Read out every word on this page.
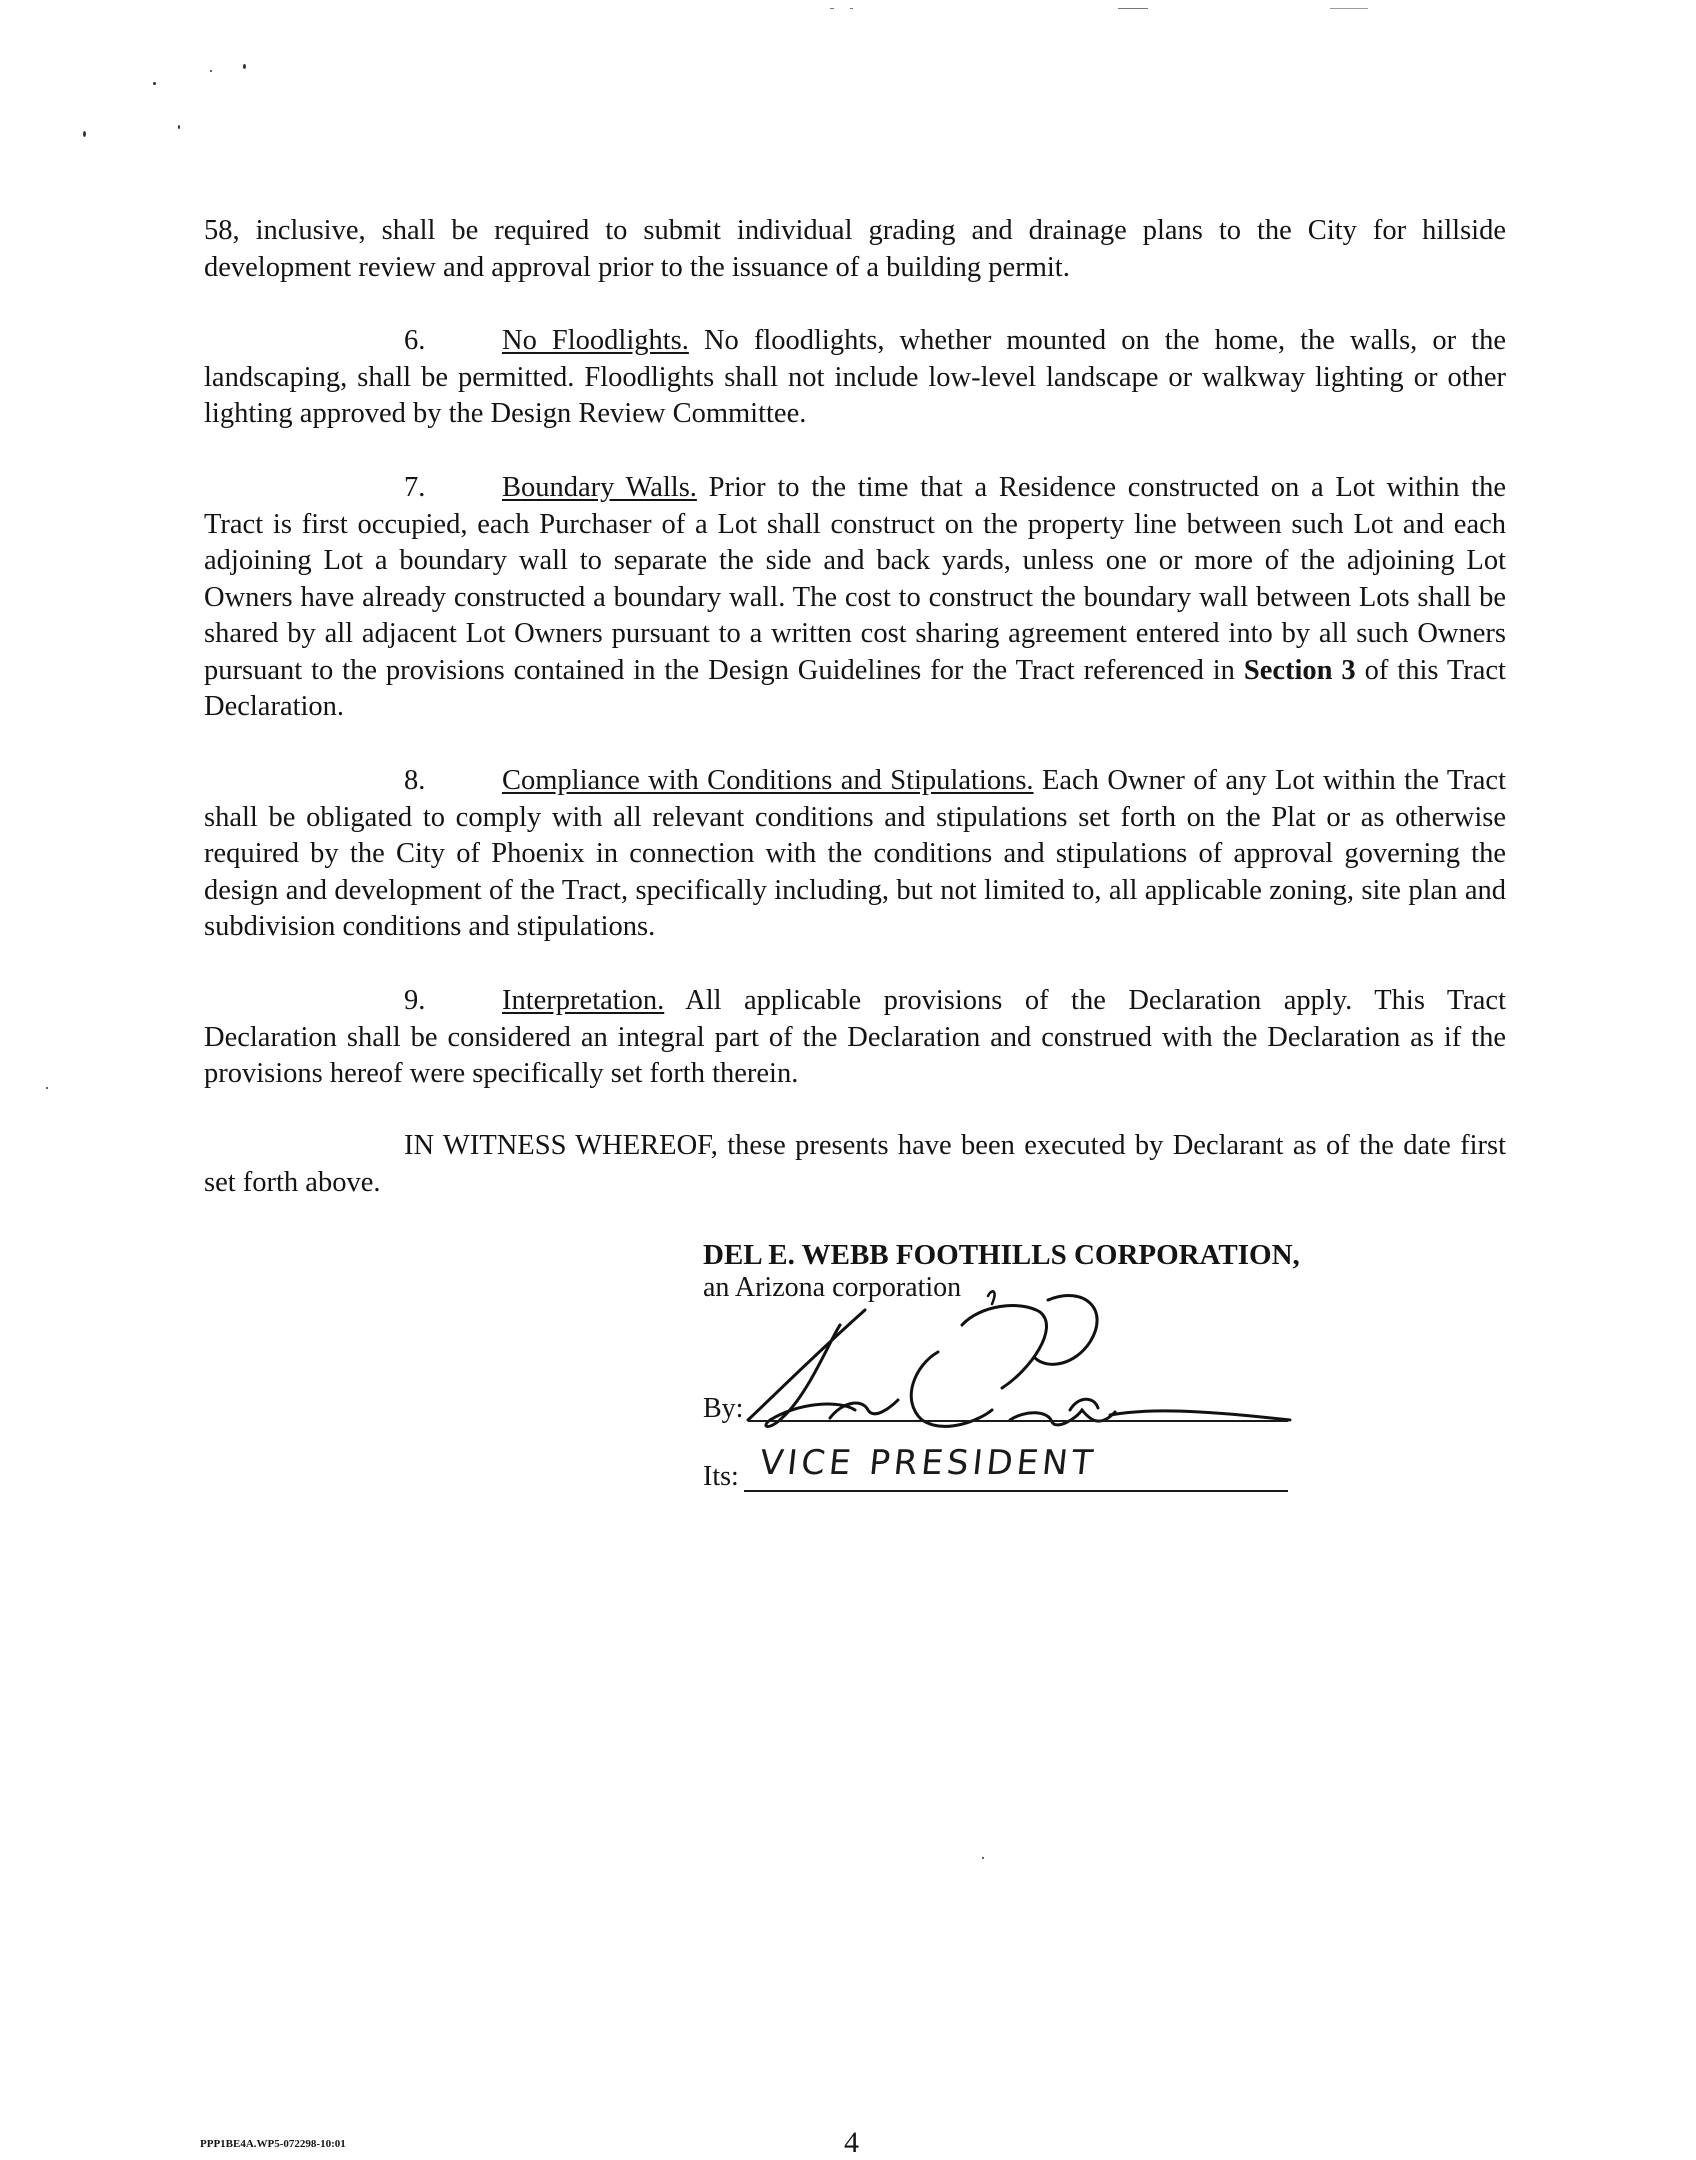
58, inclusive, shall be required to submit individual grading and drainage plans to the City for hillside development review and approval prior to the issuance of a building permit.

6.	No Floodlights. No floodlights, whether mounted on the home, the walls, or the landscaping, shall be permitted. Floodlights shall not include low-level landscape or walkway lighting or other lighting approved by the Design Review Committee.

7.	Boundary Walls. Prior to the time that a Residence constructed on a Lot within the Tract is first occupied, each Purchaser of a Lot shall construct on the property line between such Lot and each adjoining Lot a boundary wall to separate the side and back yards, unless one or more of the adjoining Lot Owners have already constructed a boundary wall. The cost to construct the boundary wall between Lots shall be shared by all adjacent Lot Owners pursuant to a written cost sharing agreement entered into by all such Owners pursuant to the provisions contained in the Design Guidelines for the Tract referenced in Section 3 of this Tract Declaration.

8.	Compliance with Conditions and Stipulations. Each Owner of any Lot within the Tract shall be obligated to comply with all relevant conditions and stipulations set forth on the Plat or as otherwise required by the City of Phoenix in connection with the conditions and stipulations of approval governing the design and development of the Tract, specifically including, but not limited to, all applicable zoning, site plan and subdivision conditions and stipulations.

9.	Interpretation. All applicable provisions of the Declaration apply. This Tract Declaration shall be considered an integral part of the Declaration and construed with the Declaration as if the provisions hereof were specifically set forth therein.

IN WITNESS WHEREOF, these presents have been executed by Declarant as of the date first set forth above.

DEL E. WEBB FOOTHILLS CORPORATION,
an Arizona corporation
By:
Its: VICE PRESIDENT
PPP1BE4A.WP5-072298-10:01	4
